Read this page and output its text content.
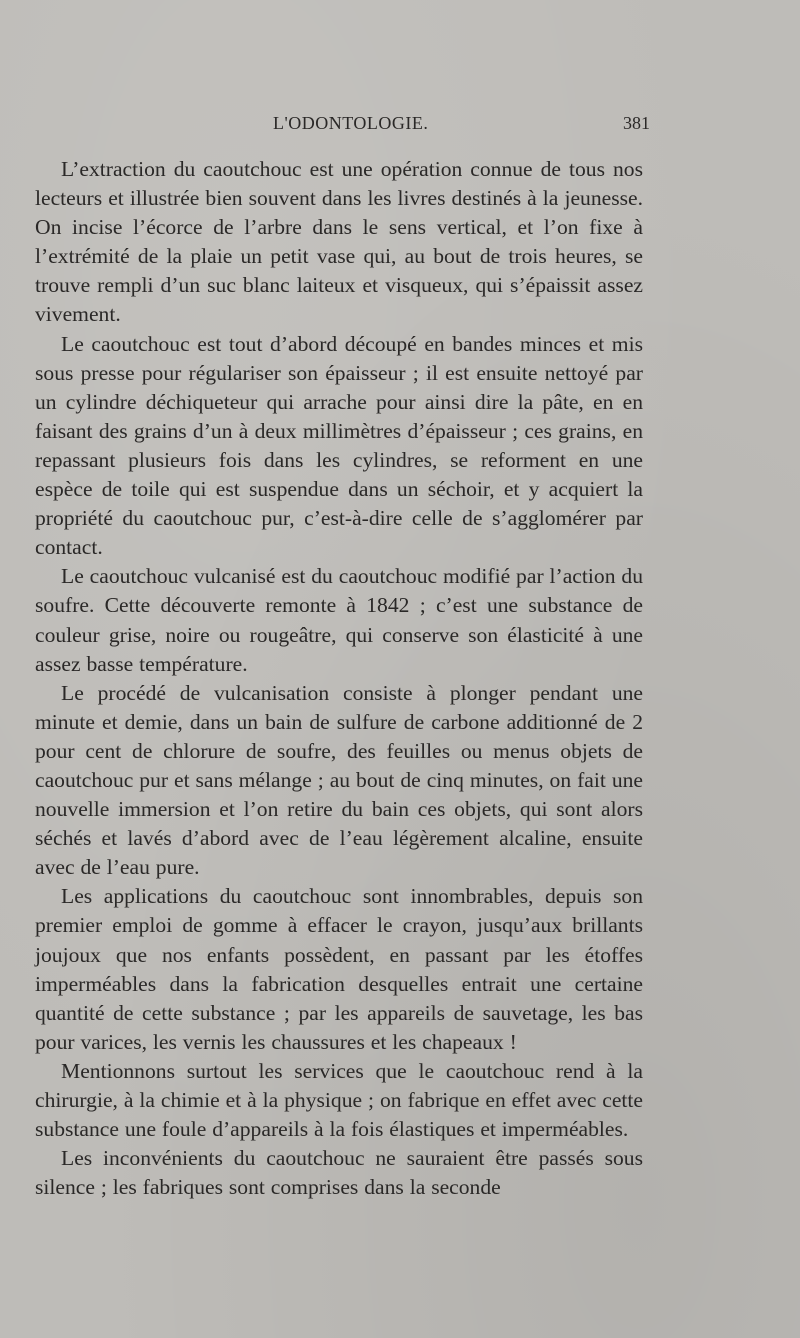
L'ODONTOLOGIE.	381

L’extraction du caoutchouc est une opération connue de tous nos lecteurs et illustrée bien souvent dans les livres destinés à la jeunesse. On incise l’écorce de l’arbre dans le sens vertical, et l’on fixe à l’extrémité de la plaie un petit vase qui, au bout de trois heures, se trouve rempli d’un suc blanc laiteux et visqueux, qui s’épaissit assez vivement.

Le caoutchouc est tout d’abord découpé en bandes minces et mis sous presse pour régulariser son épaisseur ; il est ensuite nettoyé par un cylindre déchiqueteur qui arrache pour ainsi dire la pâte, en en faisant des grains d’un à deux millimètres d’épaisseur ; ces grains, en repassant plusieurs fois dans les cylindres, se reforment en une espèce de toile qui est suspendue dans un séchoir, et y acquiert la propriété du caoutchouc pur, c’est-à-dire celle de s’agglomérer par contact.

Le caoutchouc vulcanisé est du caoutchouc modifié par l’action du soufre. Cette découverte remonte à 1842 ; c’est une substance de couleur grise, noire ou rougeâtre, qui conserve son élasticité à une assez basse température.

Le procédé de vulcanisation consiste à plonger pendant une minute et demie, dans un bain de sulfure de carbone additionné de 2 pour cent de chlorure de soufre, des feuilles ou menus objets de caoutchouc pur et sans mélange ; au bout de cinq minutes, on fait une nouvelle immersion et l’on retire du bain ces objets, qui sont alors séchés et lavés d’abord avec de l’eau légèrement alcaline, ensuite avec de l’eau pure.

Les applications du caoutchouc sont innombrables, depuis son premier emploi de gomme à effacer le crayon, jusqu’aux brillants joujoux que nos enfants possèdent, en passant par les étoffes imperméables dans la fabrication desquelles entrait une certaine quantité de cette substance ; par les appareils de sauvetage, les bas pour varices, les vernis les chaussures et les chapeaux !

Mentionnons surtout les services que le caoutchouc rend à la chirurgie, à la chimie et à la physique ; on fabrique en effet avec cette substance une foule d’appareils à la fois élastiques et imperméables.

Les inconvénients du caoutchouc ne sauraient être passés sous silence ; les fabriques sont comprises dans la seconde
